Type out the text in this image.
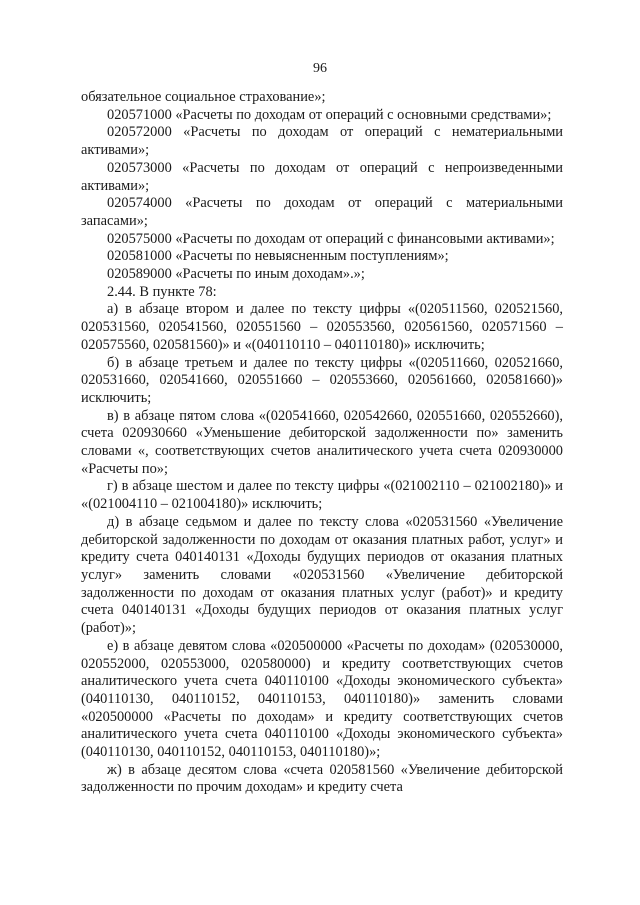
96

обязательное социальное страхование»;

020571000 «Расчеты по доходам от операций с основными средствами»;

020572000 «Расчеты по доходам от операций с нематериальными активами»;

020573000 «Расчеты по доходам от операций с непроизведенными активами»;

020574000 «Расчеты по доходам от операций с материальными запасами»;

020575000 «Расчеты по доходам от операций с финансовыми активами»;

020581000 «Расчеты по невыясненным поступлениям»;

020589000 «Расчеты по иным доходам».»;

2.44. В пункте 78:

а) в абзаце втором и далее по тексту цифры «(020511560, 020521560, 020531560, 020541560, 020551560 – 020553560, 020561560, 020571560 – 020575560, 020581560)» и «(040110110 – 040110180)» исключить;

б) в абзаце третьем и далее по тексту цифры «(020511660, 020521660, 020531660, 020541660, 020551660 – 020553660, 020561660, 020581660)» исключить;

в) в абзаце пятом слова «(020541660, 020542660, 020551660, 020552660), счета 020930660 «Уменьшение дебиторской задолженности по» заменить словами «, соответствующих счетов аналитического учета счета 020930000 «Расчеты по»;

г) в абзаце шестом и далее по тексту цифры «(021002110 – 021002180)» и «(021004110 – 021004180)» исключить;

д) в абзаце седьмом и далее по тексту слова «020531560 «Увеличение дебиторской задолженности по доходам от оказания платных работ, услуг» и кредиту счета 040140131 «Доходы будущих периодов от оказания платных услуг» заменить словами «020531560 «Увеличение дебиторской задолженности по доходам от оказания платных услуг (работ)» и кредиту счета 040140131 «Доходы будущих периодов от оказания платных услуг (работ)»;

е) в абзаце девятом слова «020500000 «Расчеты по доходам» (020530000, 020552000, 020553000, 020580000) и кредиту соответствующих счетов аналитического учета счета 040110100 «Доходы экономического субъекта» (040110130, 040110152, 040110153, 040110180)» заменить словами «020500000 «Расчеты по доходам» и кредиту соответствующих счетов аналитического учета счета 040110100 «Доходы экономического субъекта» (040110130, 040110152, 040110153, 040110180)»;

ж) в абзаце десятом слова «счета 020581560 «Увеличение дебиторской задолженности по прочим доходам» и кредиту счета
